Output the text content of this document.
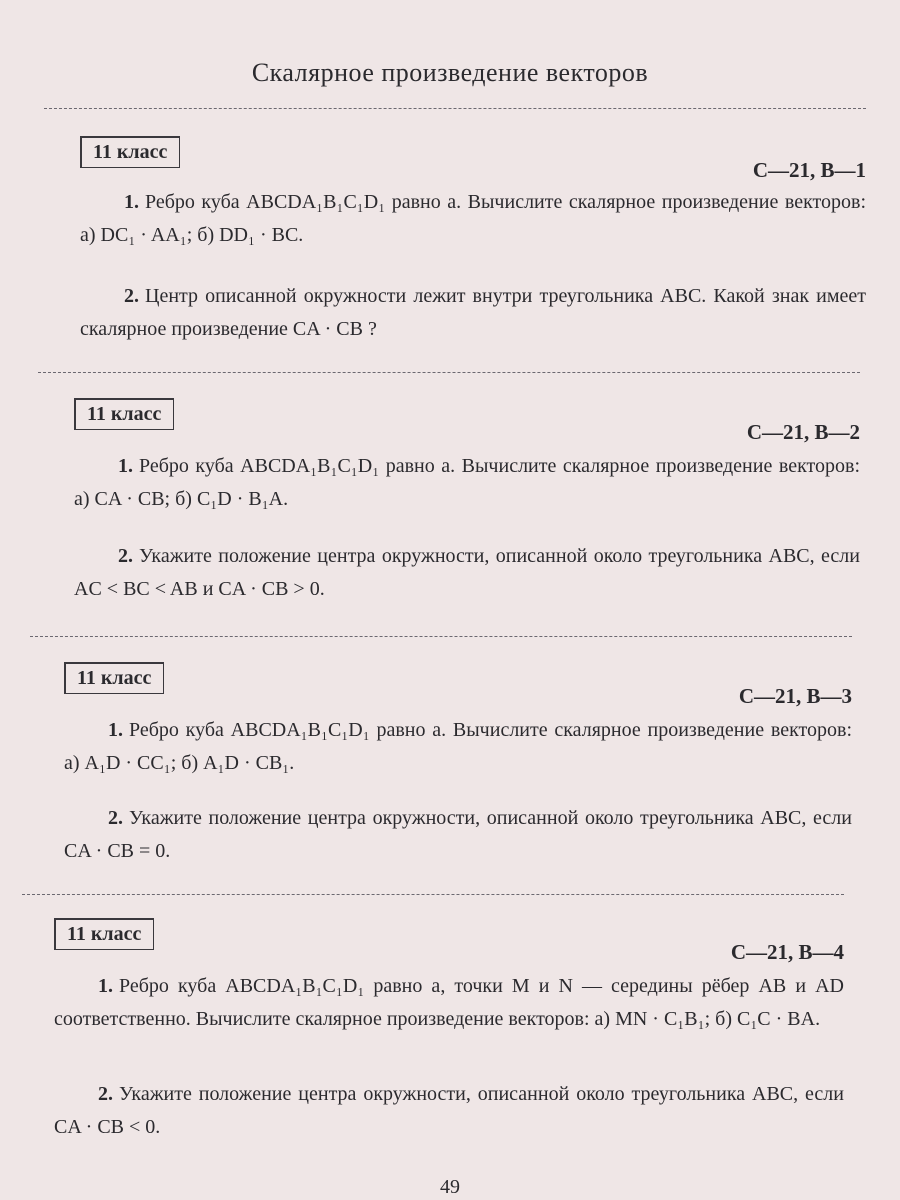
Скалярное произведение векторов
11 класс
С—21, В—1
1. Ребро куба ABCDA₁B₁C₁D₁ равно a. Вычислите скалярное произведение векторов: а) DC₁ · AA₁; б) DD₁ · BC.
2. Центр описанной окружности лежит внутри треугольника ABC. Какой знак имеет скалярное произведение CA · CB ?
11 класс
С—21, В—2
1. Ребро куба ABCDA₁B₁C₁D₁ равно a. Вычислите скалярное произведение векторов: а) CA · CB; б) C₁D · B₁A.
2. Укажите положение центра окружности, описанной около треугольника ABC, если AC < BC < AB и CA · CB > 0.
11 класс
С—21, В—3
1. Ребро куба ABCDA₁B₁C₁D₁ равно a. Вычислите скалярное произведение векторов: а) A₁D · CC₁; б) A₁D · CB₁.
2. Укажите положение центра окружности, описанной около треугольника ABC, если CA · CB = 0.
11 класс
С—21, В—4
1. Ребро куба ABCDA₁B₁C₁D₁ равно a, точки M и N — середины рёбер AB и AD соответственно. Вычислите скалярное произведение векторов: а) MN · C₁B₁; б) C₁C · BA.
2. Укажите положение центра окружности, описанной около треугольника ABC, если CA · CB < 0.
49
